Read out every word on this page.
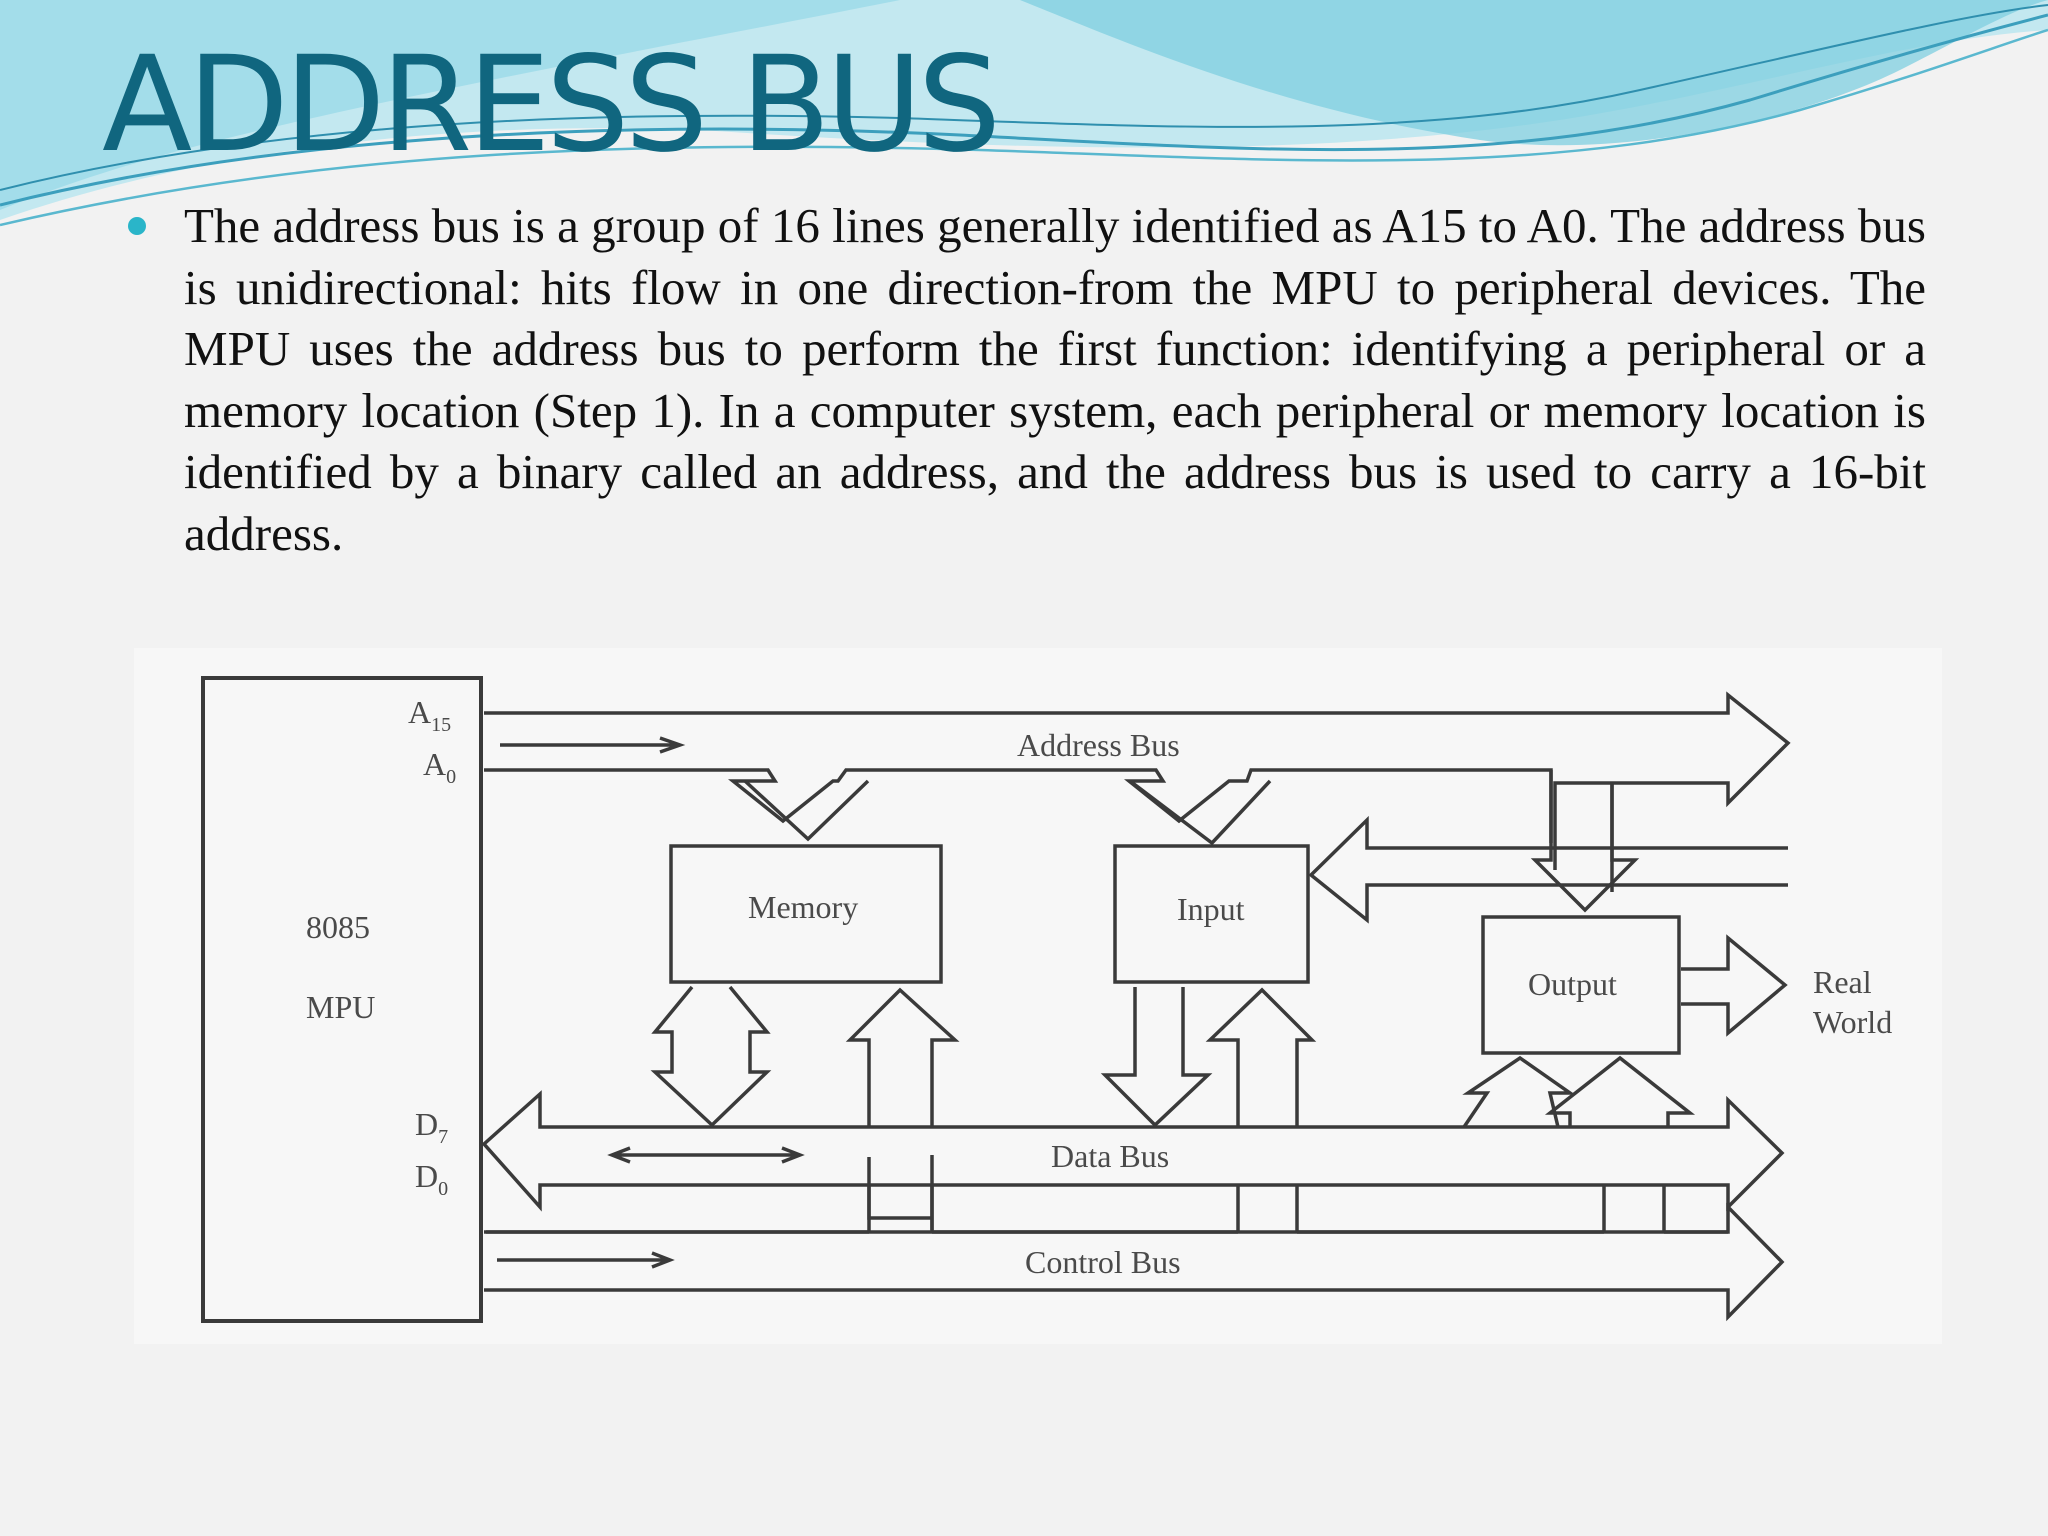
ADDRESS BUS

The address bus is a group of 16 lines generally identified as A15 to A0. The address bus is unidirectional: hits flow in one direction-from the MPU to peripheral devices. The MPU uses the address bus to perform the first function: identifying a peripheral or a memory location (Step 1). In a computer system, each peripheral or memory location is identified by a binary called an address, and the address bus is used to carry a 16-bit address.

$A_{15}$
$A_0$
$D_7$
$D_0$
8085
MPU
Address Bus
Memory	Input
Output	Real
World
Data Bus
Control Bus
